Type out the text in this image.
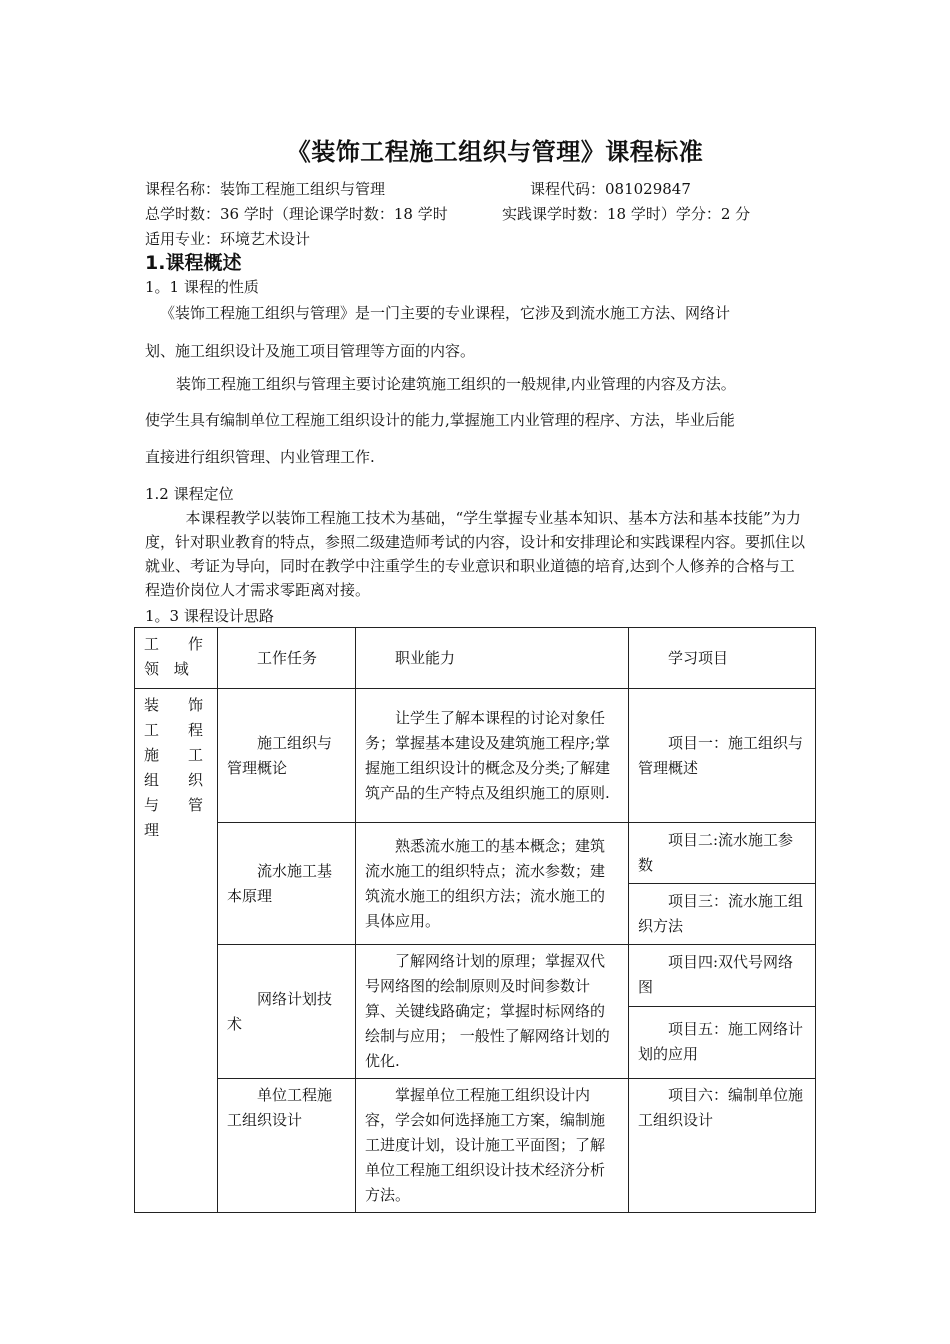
《装饰工程施工组织与管理》课程标准
课程名称：装饰工程施工组织与管理	课程代码：081029847
总学时数：36 学时（理论课学时数：18 学时	实践课学时数：18 学时）学分：2 分
适用专业：环境艺术设计
1.课程概述
1。1 课程的性质
《装饰工程施工组织与管理》是一门主要的专业课程，它涉及到流水施工方法、网络计
划、施工组织设计及施工项目管理等方面的内容。
装饰工程施工组织与管理主要讨论建筑施工组织的一般规律,内业管理的内容及方法。
使学生具有编制单位工程施工组织设计的能力,掌握施工内业管理的程序、方法，毕业后能
直接进行组织管理、内业管理工作.
1.2 课程定位
本课程教学以装饰工程施工技术为基础，“学生掌握专业基本知识、基本方法和基本技能”为力度，针对职业教育的特点，参照二级建造师考试的内容，设计和安排理论和实践课程内容。要抓住以就业、考证为导向，同时在教学中注重学生的专业意识和职业道德的培育,达到个人修养的合格与工程造价岗位人才需求零距离对接。
1。3 课程设计思路
工 作 领 域	工作任务	职业能力	学习项目
装 饰 工 程 施 工 组 织 与 管理	施工组织与管理概论	让学生了解本课程的讨论对象任务；掌握基本建设及建筑施工程序;掌握施工组织设计的概念及分类;了解建筑产品的生产特点及组织施工的原则.	项目一：施工组织与管理概述
	流水施工基本原理	熟悉流水施工的基本概念；建筑流水施工的组织特点；流水参数；建筑流水施工的组织方法；流水施工的具体应用。	项目二:流水施工参数
			项目三：流水施工组织方法
	网络计划技术	了解网络计划的原理；掌握双代号网络图的绘制原则及时间参数计算、关键线路确定；掌握时标网络的绘制与应用； 一般性了解网络计划的优化.	项目四:双代号网络图
			项目五：施工网络计划的应用
	单位工程施工组织设计	掌握单位工程施工组织设计内容，学会如何选择施工方案，编制施工进度计划，设计施工平面图；了解单位工程施工组织设计技术经济分析方法。	项目六：编制单位施工组织设计
